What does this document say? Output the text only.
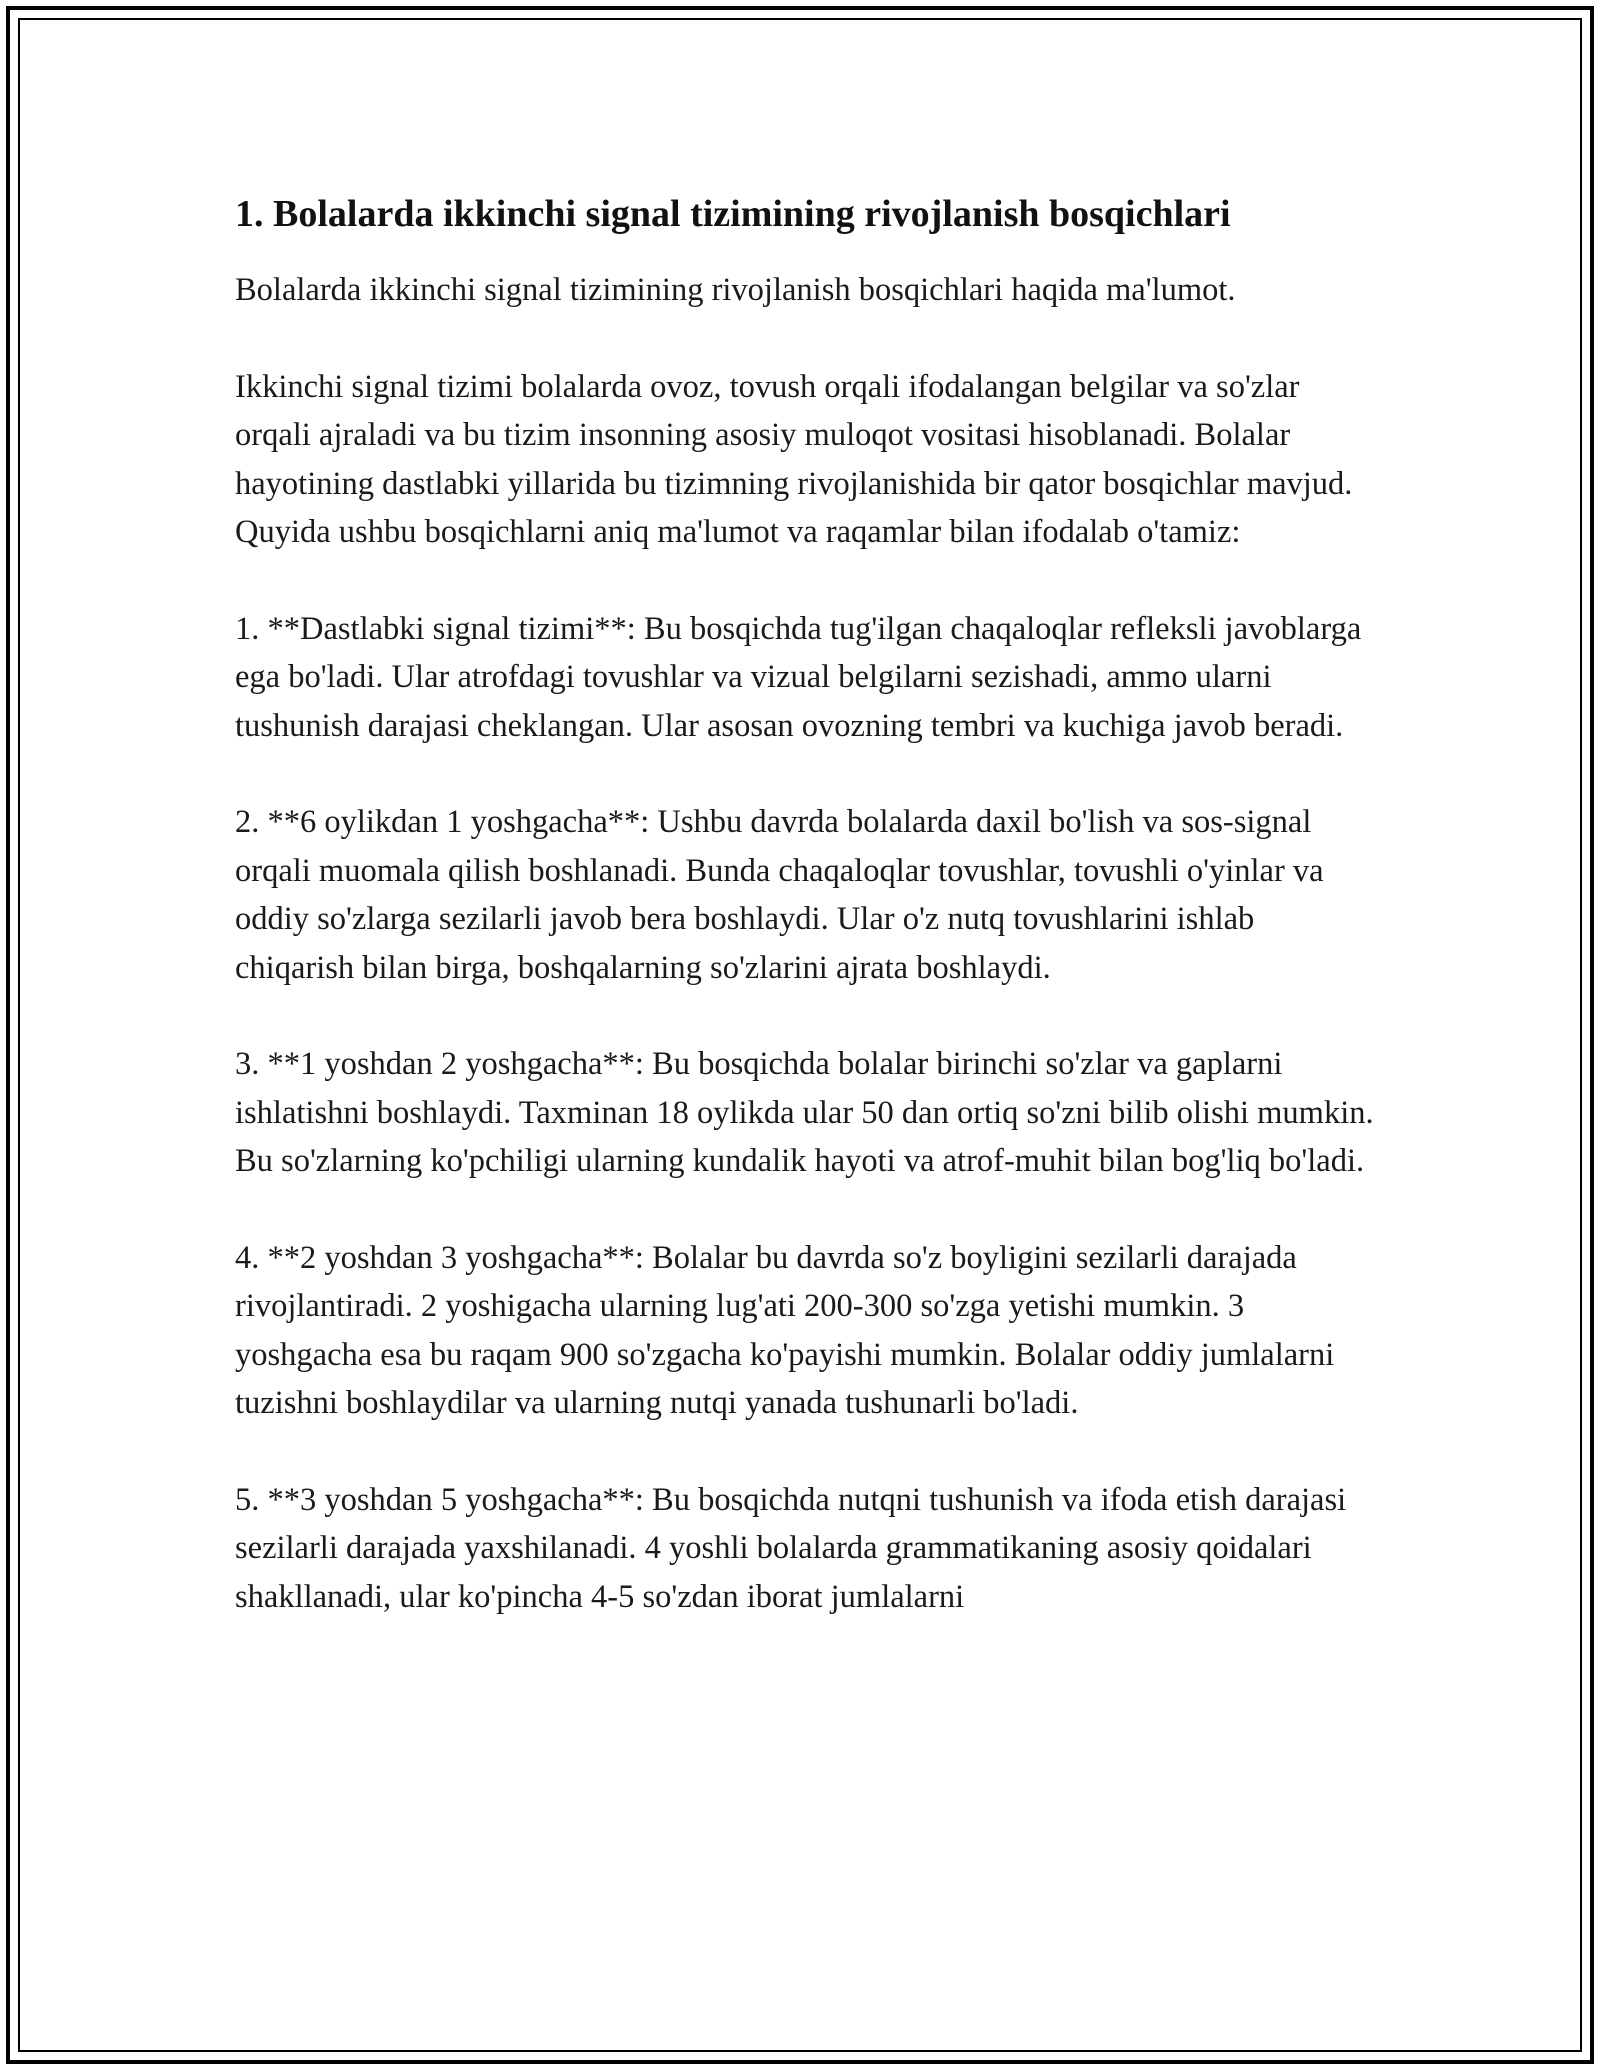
1. Bolalarda ikkinchi signal tizimining rivojlanish bosqichlari

Bolalarda ikkinchi signal tizimining rivojlanish bosqichlari haqida ma'lumot.

Ikkinchi signal tizimi bolalarda ovoz, tovush orqali ifodalangan belgilar va so'zlar orqali ajraladi va bu tizim insonning asosiy muloqot vositasi hisoblanadi. Bolalar hayotining dastlabki yillarida bu tizimning rivojlanishida bir qator bosqichlar mavjud. Quyida ushbu bosqichlarni aniq ma'lumot va raqamlar bilan ifodalab o'tamiz:

1. **Dastlabki signal tizimi**: Bu bosqichda tug'ilgan chaqaloqlar refleksli javoblarga ega bo'ladi. Ular atrofdagi tovushlar va vizual belgilarni sezishadi, ammo ularni tushunish darajasi cheklangan. Ular asosan ovozning tembri va kuchiga javob beradi.

2. **6 oylikdan 1 yoshgacha**: Ushbu davrda bolalarda daxil bo'lish va sos-signal orqali muomala qilish boshlanadi. Bunda chaqaloqlar tovushlar, tovushli o'yinlar va oddiy so'zlarga sezilarli javob bera boshlaydi. Ular o'z nutq tovushlarini ishlab chiqarish bilan birga, boshqalarning so'zlarini ajrata boshlaydi.

3. **1 yoshdan 2 yoshgacha**: Bu bosqichda bolalar birinchi so'zlar va gaplarni ishlatishni boshlaydi. Taxminan 18 oylikda ular 50 dan ortiq so'zni bilib olishi mumkin. Bu so'zlarning ko'pchiligi ularning kundalik hayoti va atrof-muhit bilan bog'liq bo'ladi.

4. **2 yoshdan 3 yoshgacha**: Bolalar bu davrda so'z boyligini sezilarli darajada rivojlantiradi. 2 yoshigacha ularning lug'ati 200-300 so'zga yetishi mumkin. 3 yoshgacha esa bu raqam 900 so'zgacha ko'payishi mumkin. Bolalar oddiy jumlalarni tuzishni boshlaydilar va ularning nutqi yanada tushunarli bo'ladi.

5. **3 yoshdan 5 yoshgacha**: Bu bosqichda nutqni tushunish va ifoda etish darajasi sezilarli darajada yaxshilanadi. 4 yoshli bolalarda grammatikaning asosiy qoidalari shakllanadi, ular ko'pincha 4-5 so'zdan iborat jumlalarni
